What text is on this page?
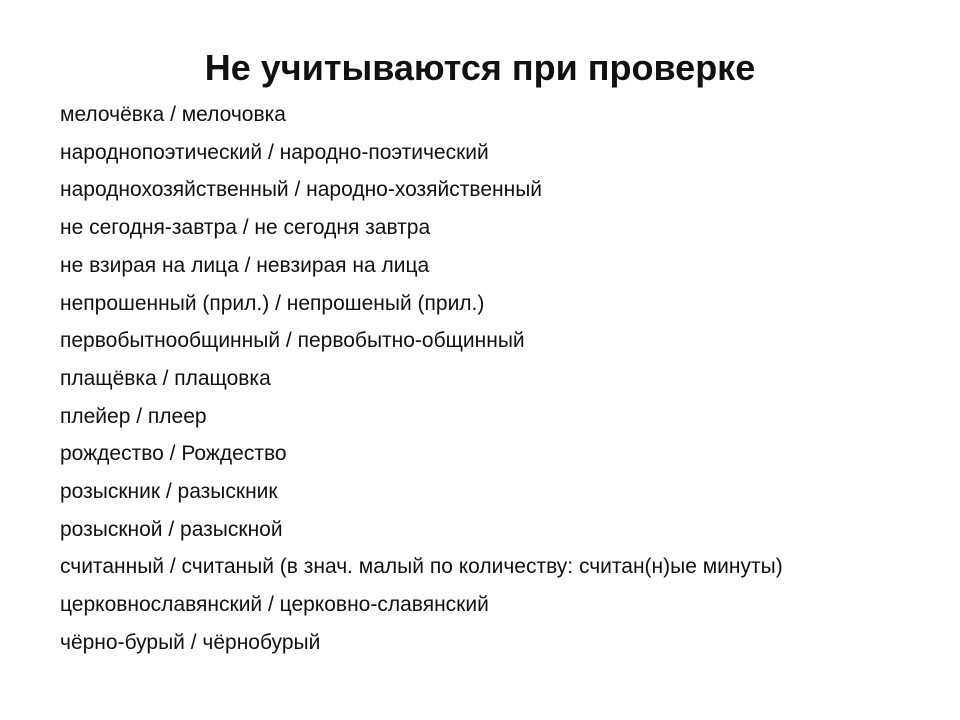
Не учитываются при проверке
мелочёвка / мелочовка
народнопоэтический / народно-поэтический
народнохозяйственный / народно-хозяйственный
не сегодня-завтра / не сегодня завтра
не взирая на лица / невзирая на лица
непрошенный (прил.) / непрошеный (прил.)
первобытнообщинный / первобытно-общинный
плащёвка / плащовка
плейер / плеер
рождество / Рождество
розыскник / разыскник
розыскной / разыскной
считанный / считаный (в знач. малый по количеству: считан(н)ые минуты)
церковнославянский / церковно-славянский
чёрно-бурый / чёрнобурый
